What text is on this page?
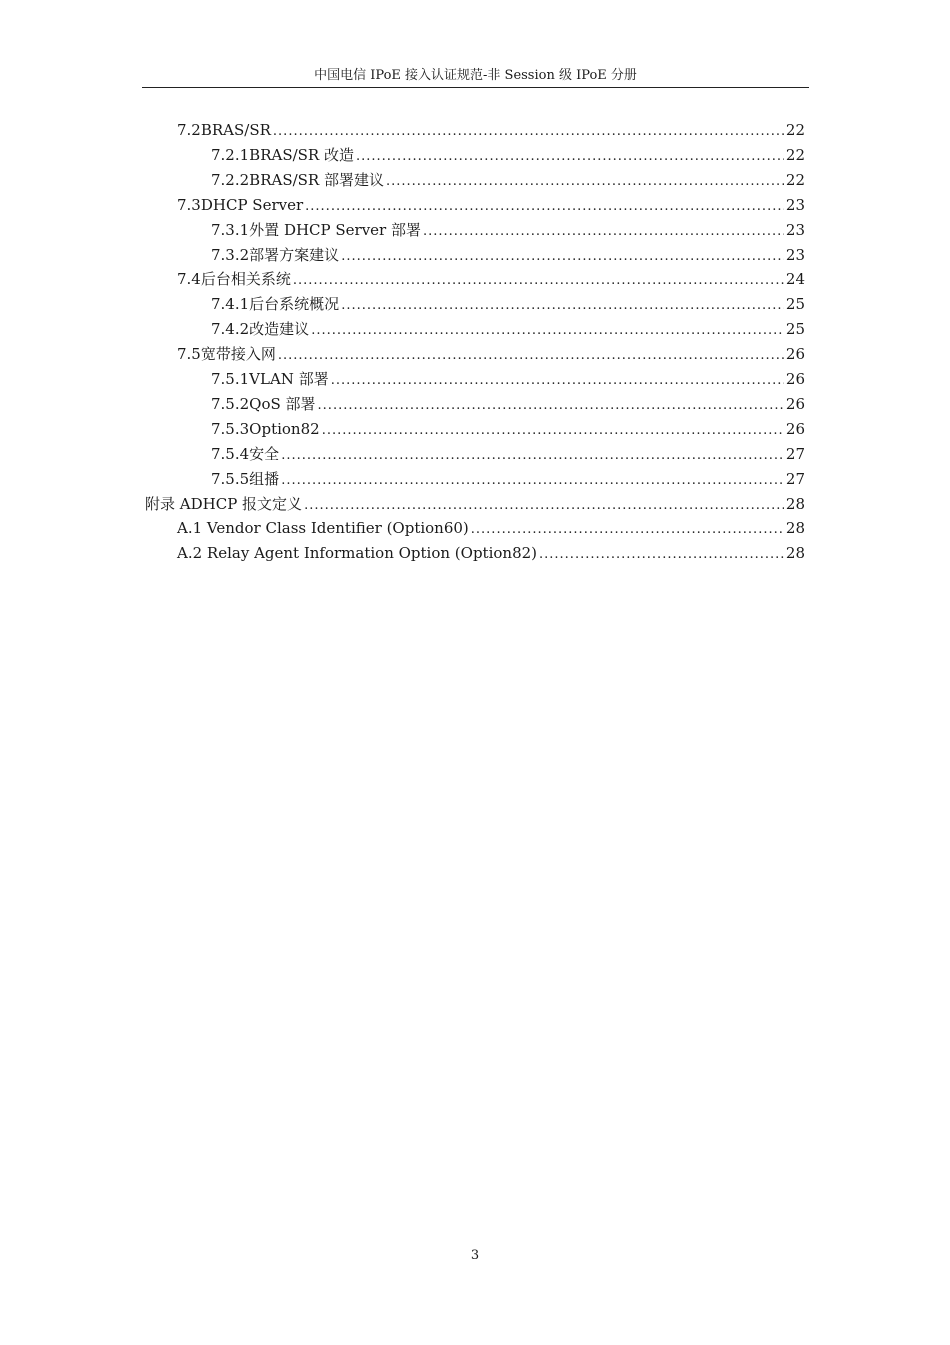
中国电信 IPoE 接入认证规范-非 Session 级 IPoE 分册
7.2 BRAS/SR .....	22
7.2.1 BRAS/SR 改造 .....	22
7.2.2 BRAS/SR 部署建议 .....	22
7.3 DHCP Server .....	23
7.3.1 外置 DHCP Server 部署 .....	23
7.3.2 部署方案建议 .....	23
7.4 后台相关系统 .....	24
7.4.1 后台系统概况 .....	25
7.4.2 改造建议 .....	25
7.5 宽带接入网 .....	26
7.5.1 VLAN 部署 .....	26
7.5.2 QoS 部署 .....	26
7.5.3 Option82 .....	26
7.5.4 安全 .....	27
7.5.5 组播 .....	27
附录 A DHCP 报文定义 .....	28
A.1 Vendor Class Identifier (Option60) .....	28
A.2 Relay Agent Information Option (Option82) .....	28
3
